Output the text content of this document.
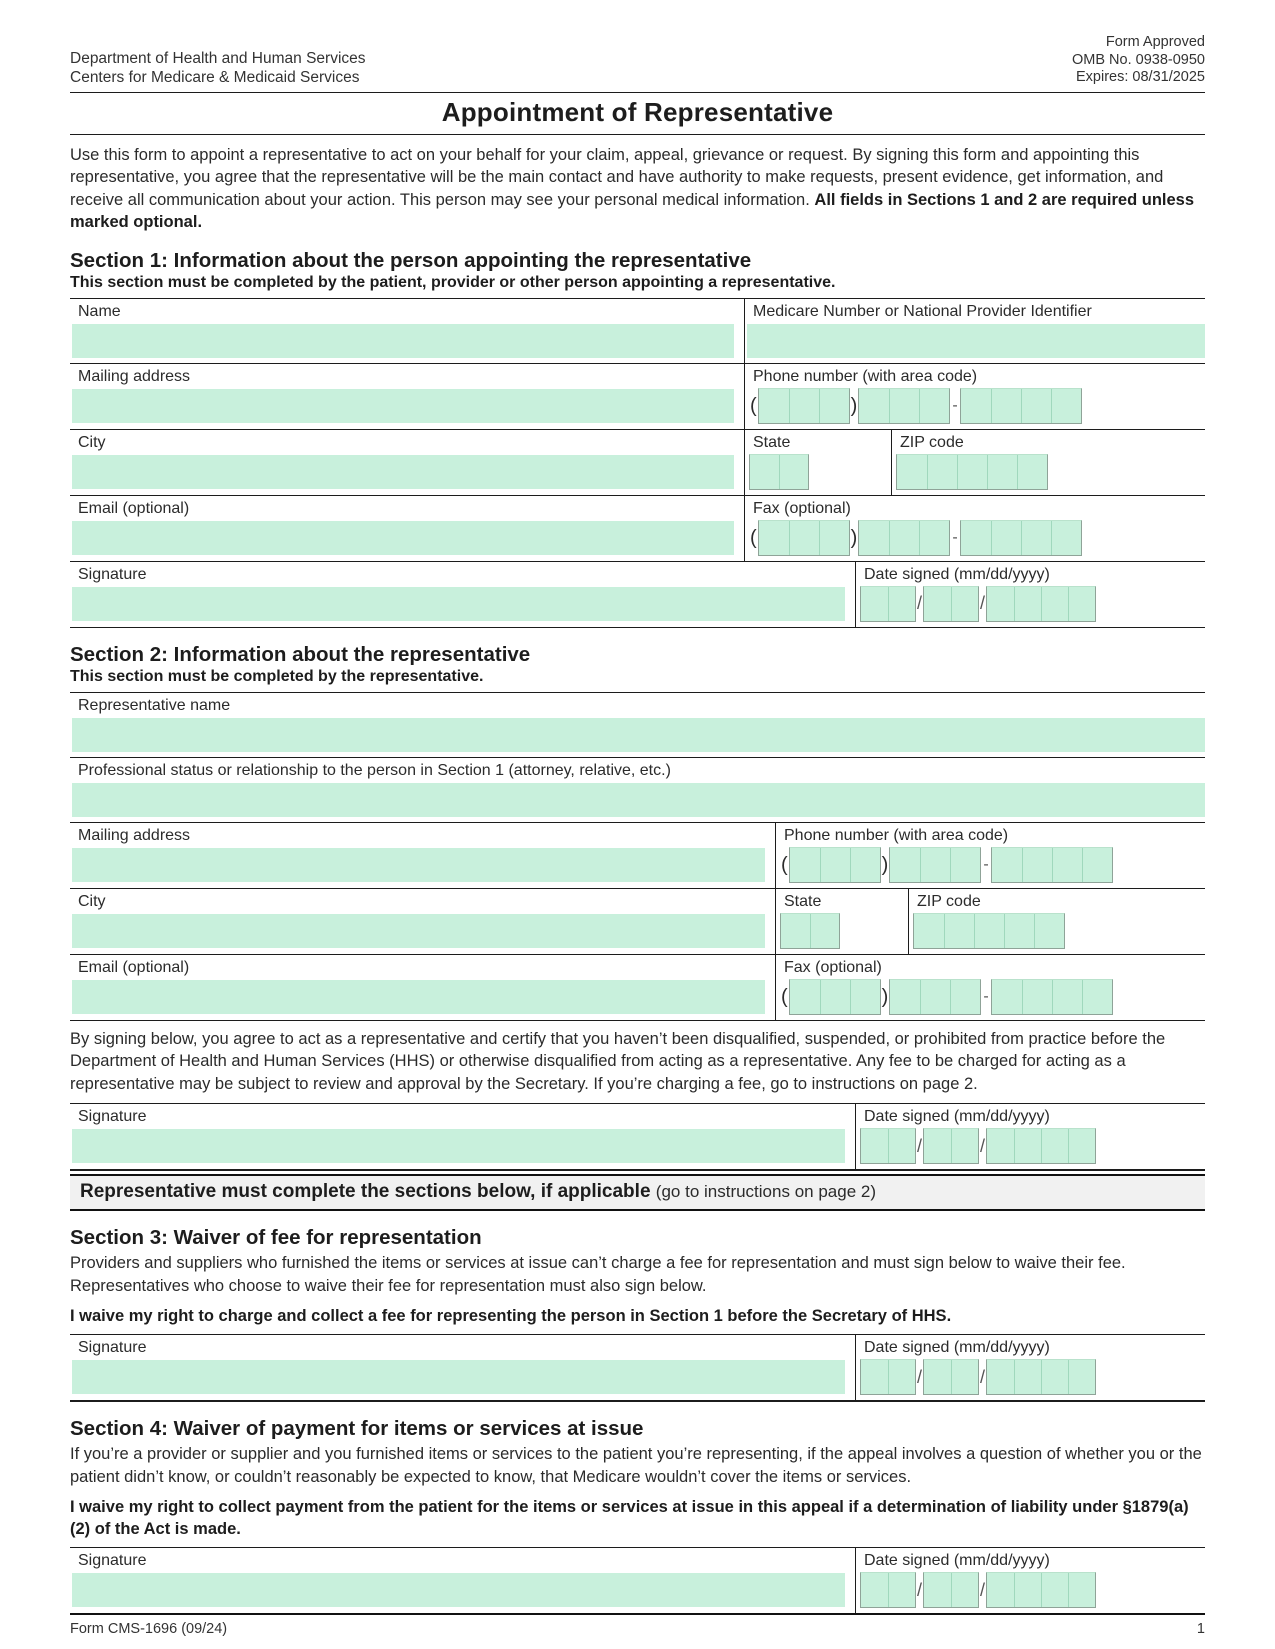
Department of Health and Human Services
Centers for Medicare & Medicaid Services
Form Approved
OMB No. 0938-0950
Expires: 08/31/2025
Appointment of Representative

Use this form to appoint a representative to act on your behalf for your claim, appeal, grievance or request. By signing this form and appointing this representative, you agree that the representative will be the main contact and have authority to make requests, present evidence, get information, and receive all communication about your action. This person may see your personal medical information. All fields in Sections 1 and 2 are required unless marked optional.

Section 1: Information about the person appointing the representative
This section must be completed by the patient, provider or other person appointing a representative.
Name	Medicare Number or National Provider Identifier
Mailing address	Phone number (with area code)
(	)	-
City	State	ZIP code
Email (optional)	Fax (optional)
(	)	-
Signature	Date signed (mm/dd/yyyy)
/	/
Section 2: Information about the representative
This section must be completed by the representative.
Representative name
Professional status or relationship to the person in Section 1 (attorney, relative, etc.)
Mailing address	Phone number (with area code)
(	)	-
City	State	ZIP code
Email (optional)	Fax (optional)
(	)	-

By signing below, you agree to act as a representative and certify that you haven’t been disqualified, suspended, or prohibited from practice before the Department of Health and Human Services (HHS) or otherwise disqualified from acting as a representative. Any fee to be charged for acting as a representative may be subject to review and approval by the Secretary. If you’re charging a fee, go to instructions on page 2.

Signature	Date signed (mm/dd/yyyy)
/	/
Representative must complete the sections below, if applicable (go to instructions on page 2)
Section 3: Waiver of fee for representation

Providers and suppliers who furnished the items or services at issue can’t charge a fee for representation and must sign below to waive their fee. Representatives who choose to waive their fee for representation must also sign below.

I waive my right to charge and collect a fee for representing the person in Section 1 before the Secretary of HHS.

Signature	Date signed (mm/dd/yyyy)
/	/
Section 4: Waiver of payment for items or services at issue

If you’re a provider or supplier and you furnished items or services to the patient you’re representing, if the appeal involves a question of whether you or the patient didn’t know, or couldn’t reasonably be expected to know, that Medicare wouldn’t cover the items or services.

I waive my right to collect payment from the patient for the items or services at issue in this appeal if a determination of liability under §1879(a)(2) of the Act is made.

Signature	Date signed (mm/dd/yyyy)
/	/
Form CMS-1696 (09/24)	1
